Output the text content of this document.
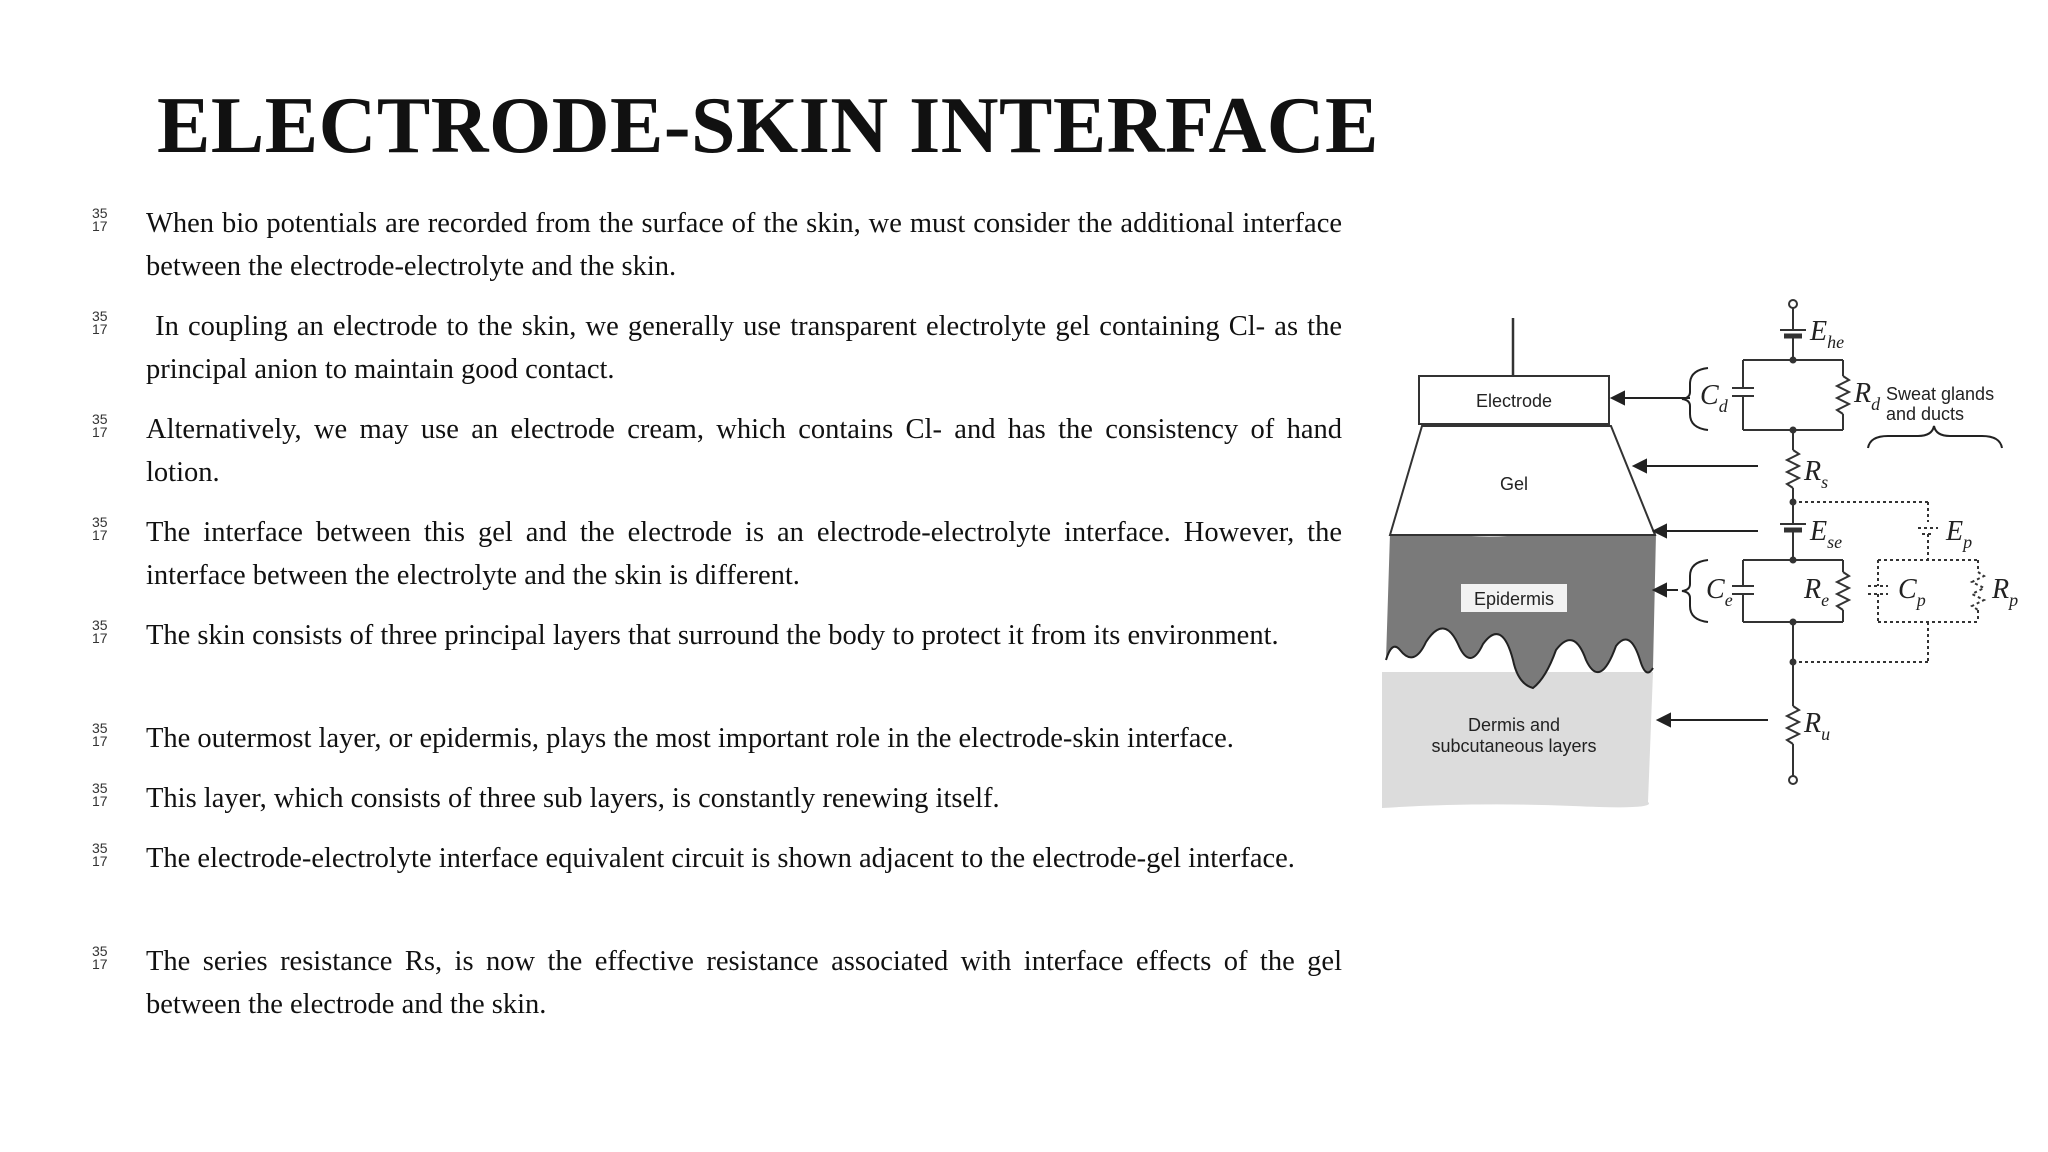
ELECTRODE-SKIN INTERFACE
35
17	When bio potentials are recorded from the surface of the skin, we must consider the additional interface between the electrode-electrolyte and the skin.
35
17	In coupling an electrode to the skin, we generally use transparent electrolyte gel containing Cl- as the principal anion to maintain good contact.
35
17	Alternatively, we may use an electrode cream, which contains Cl- and has the consistency of hand lotion.
35
17	The interface between this gel and the electrode is an electrode-electrolyte interface. However, the interface between the electrolyte and the skin is different.
35
17	The skin consists of three principal layers that surround the body to protect it from its environment.
35
17	The outermost layer, or epidermis, plays the most important role in the electrode-skin interface.
35
17	This layer, which consists of three sub layers, is constantly renewing itself.
35
17	The electrode-electrolyte interface equivalent circuit is shown adjacent to the electrode-gel interface.
35
17	The series resistance Rs, is now the effective resistance associated with interface effects of the gel between the electrode and the skin.
Electrode
Gel
Epidermis
Dermis and
subcutaneous layers
$E_{he}$
$C_d$	$R_d$
$R_s$
$E_{se}$	$E_p$
$C_e$	$R_e$ $C_p$ $R_p$
$R_u$
Sweat glands
and ducts
